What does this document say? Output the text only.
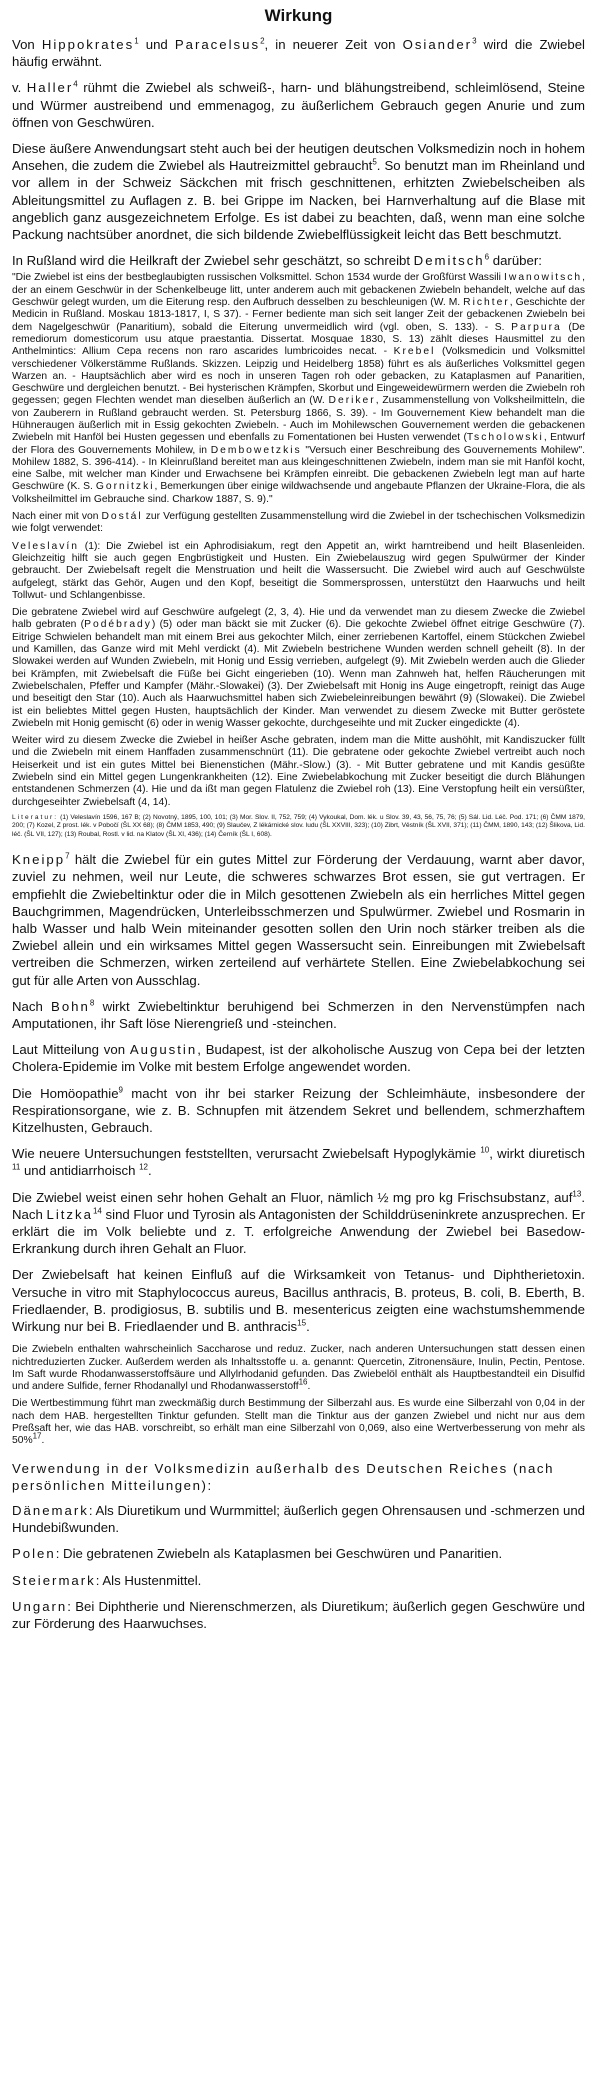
Wirkung

Von Hippokrates$^1$ und Paracelsus$^2$, in neuerer Zeit von Osiander$^3$ wird die Zwiebel häufig erwähnt.

v. Haller$^4$ rühmt die Zwiebel als schweiß-, harn- und blähungstreibend, schleimlösend, Steine und Würmer austreibend und emmenagog, zu äußerlichem Gebrauch gegen Anurie und zum öffnen von Geschwüren.

Diese äußere Anwendungsart steht auch bei der heutigen deutschen Volksmedizin noch in hohem Ansehen, die zudem die Zwiebel als Hautreizmittel gebraucht$^5$. So benutzt man im Rheinland und vor allem in der Schweiz Säckchen mit frisch geschnittenen, erhitzten Zwiebelscheiben als Ableitungsmittel zu Auflagen z. B. bei Grippe im Nacken, bei Harnverhaltung auf die Blase mit angeblich ganz ausgezeichnetem Erfolge. Es ist dabei zu beachten, daß, wenn man eine solche Packung nachtsüber anordnet, die sich bildende Zwiebelflüssigkeit leicht das Bett beschmutzt.

In Rußland wird die Heilkraft der Zwiebel sehr geschätzt, so schreibt Demitsch$^6$ darüber:

"Die Zwiebel ist eins der bestbeglaubigten russischen Volksmittel. Schon 1534 wurde der Großfürst Wassili Iwanowitsch, der an einem Geschwür in der Schenkelbeuge litt, unter anderem auch mit gebackenen Zwiebeln behandelt, welche auf das Geschwür gelegt wurden, um die Eiterung resp. den Aufbruch desselben zu beschleunigen (W. M. Richter, Geschichte der Medicin in Rußland. Moskau 1813-1817, I, S 37). - Ferner bediente man sich seit langer Zeit der gebackenen Zwiebeln bei dem Nagelgeschwür (Panaritium), sobald die Eiterung unvermeidlich wird (vgl. oben, S. 133). - S. Parpura (De remediorum domesticorum usu atque praestantia. Dissertat. Mosquae 1830, S. 13) zählt dieses Hausmittel zu den Anthelmintics: Allium Cepa recens non raro ascarides lumbricoides necat. - Krebel (Volksmedicin und Volksmittel verschiedener Völkerstämme Rußlands. Skizzen. Leipzig und Heidelberg 1858) führt es als äußerliches Volksmittel gegen Warzen an. - Hauptsächlich aber wird es noch in unseren Tagen roh oder gebacken, zu Kataplasmen auf Panaritien, Geschwüre und dergleichen benutzt. - Bei hysterischen Krämpfen, Skorbut und Eingeweidewürmern werden die Zwiebeln roh gegessen; gegen Flechten wendet man dieselben äußerlich an (W. Deriker, Zusammenstellung von Volksheilmitteln, die von Zauberern in Rußland gebraucht werden. St. Petersburg 1866, S. 39). - Im Gouvernement Kiew behandelt man die Hühneraugen äußerlich mit in Essig gekochten Zwiebeln. - Auch im Mohilewschen Gouvernement werden die gebackenen Zwiebeln mit Hanföl bei Husten gegessen und ebenfalls zu Fomentationen bei Husten verwendet (Tscholowski, Entwurf der Flora des Gouvernements Mohilew, in Dembowetzkis "Versuch einer Beschreibung des Gouvernements Mohilew". Mohilew 1882, S. 396-414). - In Kleinrußland bereitet man aus kleingeschnittenen Zwiebeln, indem man sie mit Hanföl kocht, eine Salbe, mit welcher man Kinder und Erwachsene bei Krämpfen einreibt. Die gebackenen Zwiebeln legt man auf harte Geschwüre (K. S. Gornitzki, Bemerkungen über einige wildwachsende und angebaute Pflanzen der Ukraine-Flora, die als Volksheilmittel im Gebrauche sind. Charkow 1887, S. 9)."

Nach einer mit von Dostál zur Verfügung gestellten Zusammenstellung wird die Zwiebel in der tschechischen Volksmedizin wie folgt verwendet:

Veleslavín (1): Die Zwiebel ist ein Aphrodisiakum, regt den Appetit an, wirkt harntreibend und heilt Blasenleiden. Gleichzeitig hilft sie auch gegen Engbrüstigkeit und Husten. Ein Zwiebelauszug wird gegen Spulwürmer der Kinder gebraucht. Der Zwiebelsaft regelt die Menstruation und heilt die Wassersucht. Die Zwiebel wird auch auf Geschwülste aufgelegt, stärkt das Gehör, Augen und den Kopf, beseitigt die Sommersprossen, unterstützt den Haarwuchs und heilt Tollwut- und Schlangenbisse.

Die gebratene Zwiebel wird auf Geschwüre aufgelegt (2, 3, 4). Hie und da verwendet man zu diesem Zwecke die Zwiebel halb gebraten (Podébrady) (5) oder man bäckt sie mit Zucker (6). Die gekochte Zwiebel öffnet eitrige Geschwüre (7). Eitrige Schwielen behandelt man mit einem Brei aus gekochter Milch, einer zerriebenen Kartoffel, einem Stückchen Zwiebel und Kamillen, das Ganze wird mit Mehl verdickt (4). Mit Zwiebeln bestrichene Wunden werden schnell geheilt (8). In der Slowakei werden auf Wunden Zwiebeln, mit Honig und Essig verrieben, aufgelegt (9). Mit Zwiebeln werden auch die Glieder bei Krämpfen, mit Zwiebelsaft die Füße bei Gicht eingerieben (10). Wenn man Zahnweh hat, helfen Räucherungen mit Zwiebelschalen, Pfeffer und Kampfer (Mähr.-Slowakei) (3). Der Zwiebelsaft mit Honig ins Auge eingetropft, reinigt das Auge und beseitigt den Star (10). Auch als Haarwuchsmittel haben sich Zwiebeleinreibungen bewährt (9) (Slowakei). Die Zwiebel ist ein beliebtes Mittel gegen Husten, hauptsächlich der Kinder. Man verwendet zu diesem Zwecke mit Butter geröstete Zwiebeln mit Honig gemischt (6) oder in wenig Wasser gekochte, durchgeseihte und mit Zucker eingedickte (4).

Weiter wird zu diesem Zwecke die Zwiebel in heißer Asche gebraten, indem man die Mitte aushöhlt, mit Kandiszucker füllt und die Zwiebeln mit einem Hanffaden zusammenschnürt (11). Die gebratene oder gekochte Zwiebel vertreibt auch noch Heiserkeit und ist ein gutes Mittel bei Bienenstichen (Mähr.-Slow.) (3). - Mit Butter gebratene und mit Kandis gesüßte Zwiebeln sind ein Mittel gegen Lungenkrankheiten (12). Eine Zwiebelabkochung mit Zucker beseitigt die durch Blähungen entstandenen Schmerzen (4). Hie und da ißt man gegen Flatulenz die Zwiebel roh (13). Eine Verstopfung heilt ein versüßter, durchgeseihter Zwiebelsaft (4, 14).

Literatur: (1) Veleslavín 1596, 167 B; (2) Novotný, 1895, 100, 101; (3) Mor. Slov. II, 752, 759; (4) Vykoukal, Dom. lék. u Slov. 39, 43, 56, 75, 76; (5) Sál. Lid. Léč. Pod. 171; (6) ČMM 1879, 200; (7) Kozel, Z prost. lék. v Pobočí (ŠL XX 68); (8) ČMM 1853, 490; (9) Slaučev, Z lékárnické slov. ludu (ŠL XXVIII, 323); (10) Zibrt, Věstník (ŠL XVII, 371); (11) ČMM, 1890, 143; (12) Šlikova, Lid. léč. (ŠL VII, 127); (13) Roubal, Rostl. v lid. na Klatov (ŠL XI, 436); (14) Černík (ŠL I, 608).

Kneipp$^7$ hält die Zwiebel für ein gutes Mittel zur Förderung der Verdauung, warnt aber davor, zuviel zu nehmen, weil nur Leute, die schweres schwarzes Brot essen, sie gut vertragen. Er empfiehlt die Zwiebeltinktur oder die in Milch gesottenen Zwiebeln als ein herrliches Mittel gegen Bauchgrimmen, Magendrücken, Unterleibsschmerzen und Spulwürmer. Zwiebel und Rosmarin in halb Wasser und halb Wein miteinander gesotten sollen den Urin noch stärker treiben als die Zwiebel allein und ein wirksames Mittel gegen Wassersucht sein. Einreibungen mit Zwiebelsaft vertreiben die Schmerzen, wirken zerteilend auf verhärtete Stellen. Eine Zwiebelabkochung sei gut für alle Arten von Ausschlag.

Nach Bohn$^8$ wirkt Zwiebeltinktur beruhigend bei Schmerzen in den Nervenstümpfen nach Amputationen, ihr Saft löse Nierengrieß und -steinchen.

Laut Mitteilung von Augustin, Budapest, ist der alkoholische Auszug von Cepa bei der letzten Cholera-Epidemie im Volke mit bestem Erfolge angewendet worden.

Die Homöopathie$^9$ macht von ihr bei starker Reizung der Schleimhäute, insbesondere der Respirationsorgane, wie z. B. Schnupfen mit ätzendem Sekret und bellendem, schmerzhaftem Kitzelhusten, Gebrauch.

Wie neuere Untersuchungen feststellten, verursacht Zwiebelsaft Hypoglykämie $^{10}$, wirkt diuretisch $^{11}$ und antidiarrhoisch $^{12}$.

Die Zwiebel weist einen sehr hohen Gehalt an Fluor, nämlich ½ mg pro kg Frischsubstanz, auf$^{13}$. Nach Litzka$^{14}$ sind Fluor und Tyrosin als Antagonisten der Schilddrüseninkrete anzusprechen. Er erklärt die im Volk beliebte und z. T. erfolgreiche Anwendung der Zwiebel bei Basedow-Erkrankung durch ihren Gehalt an Fluor.

Der Zwiebelsaft hat keinen Einfluß auf die Wirksamkeit von Tetanus- und Diphtherietoxin. Versuche in vitro mit Staphylococcus aureus, Bacillus anthracis, B. proteus, B. coli, B. Eberth, B. Friedlaender, B. prodigiosus, B. subtilis und B. mesentericus zeigten eine wachstumshemmende Wirkung nur bei B. Friedlaender und B. anthracis$^{15}$.

Die Zwiebeln enthalten wahrscheinlich Saccharose und reduz. Zucker, nach anderen Untersuchungen statt dessen einen nichtreduzierten Zucker. Außerdem werden als Inhaltsstoffe u. a. genannt: Quercetin, Zitronensäure, Inulin, Pectin, Pentose. Im Saft wurde Rhodanwasserstoffsäure und Allylrhodanid gefunden. Das Zwiebelöl enthält als Hauptbestandteil ein Disulfid und andere Sulfide, ferner Rhodanallyl und Rhodanwasserstoff$^{16}$.

Die Wertbestimmung führt man zweckmäßig durch Bestimmung der Silberzahl aus. Es wurde eine Silberzahl von 0,04 in der nach dem HAB. hergestellten Tinktur gefunden. Stellt man die Tinktur aus der ganzen Zwiebel und nicht nur aus dem Preßsaft her, wie das HAB. vorschreibt, so erhält man eine Silberzahl von 0,069, also eine Wertverbesserung von mehr als 50%$^{17}$.

Verwendung in der Volksmedizin außerhalb des Deutschen Reiches (nach persönlichen Mitteilungen):

Dänemark: Als Diuretikum und Wurmmittel; äußerlich gegen Ohrensausen und -schmerzen und Hundebißwunden.

Polen: Die gebratenen Zwiebeln als Kataplasmen bei Geschwüren und Panaritien.

Steiermark: Als Hustenmittel.

Ungarn: Bei Diphtherie und Nierenschmerzen, als Diuretikum; äußerlich gegen Geschwüre und zur Förderung des Haarwuchses.
